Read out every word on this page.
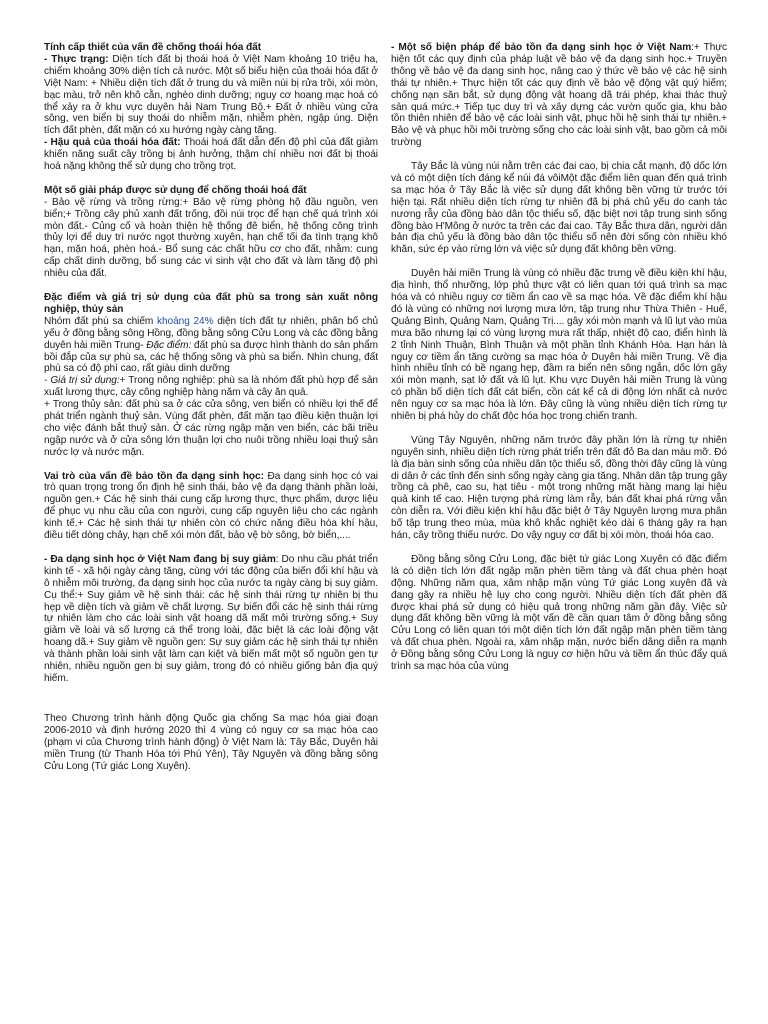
Tính cấp thiết của vấn đề chống thoái hóa đất

- Thực trạng: Diện tích đất bị thoái hoá ở Việt Nam khoảng 10 triệu ha, chiếm khoảng 30% diện tích cả nước. Một số biểu hiện của thoái hóa đất ở Việt Nam: + Nhiều diện tích đất ở trung du và miền núi bị rửa trôi, xói mòn, bạc màu, trở nên khô cằn, nghèo dinh dưỡng; nguy cơ hoang mạc hoá có thể xảy ra ở khu vực duyên hải Nam Trung Bộ.+ Đất ở nhiều vùng cửa sông, ven biển bị suy thoái do nhiễm mặn, nhiễm phèn, ngập úng. Diện tích đất phèn, đất mặn có xu hướng ngày càng tăng.

- Hậu quả của thoái hóa đất: Thoái hoá đất dẫn đến độ phì của đất giảm khiến năng suất cây trồng bị ảnh hưởng, thậm chí nhiều nơi đất bị thoái hoá nặng không thể sử dụng cho trồng trọt.

Một số giải pháp được sử dụng để chống thoái hoá đất

- Bảo vệ rừng và trồng rừng:+ Bảo vệ rừng phòng hộ đầu nguồn, ven biển;+ Trồng cây phủ xanh đất trống, đồi núi trọc để hạn chế quá trình xói mòn đất.- Củng cố và hoàn thiện hệ thống đê biển, hệ thống công trình thủy lợi để duy trì nước ngọt thường xuyên, hạn chế tối đa tình trạng khô hạn, mặn hoá, phèn hoá.- Bổ sung các chất hữu cơ cho đất, nhằm: cung cấp chất dinh dưỡng, bổ sung các vi sinh vật cho đất và làm tăng độ phì nhiêu của đất.

Đặc điểm và giá trị sử dụng của đất phù sa trong sản xuất nông nghiệp, thủy sản

Nhóm đất phù sa chiếm khoảng 24% diện tích đất tự nhiên, phân bố chủ yếu ở đồng bằng sông Hồng, đồng bằng sông Cửu Long và các đồng bằng duyên hải miền Trung- Đặc điểm: đất phù sa được hình thành do sản phẩm bồi đắp của sự phù sa, các hệ thống sông và phù sa biển. Nhìn chung, đất phù sa có độ phì cao, rất giàu dinh dưỡng

- Giá trị sử dụng:+ Trong nông nghiệp: phù sa là nhóm đất phù hợp để sản xuất lương thực, cây công nghiệp hàng năm và cây ăn quả.

+ Trong thủy sản: đất phù sa ở các cửa sông, ven biển có nhiều lợi thế để phát triển ngành thuỷ sản. Vùng đất phèn, đất mặn tạo điều kiện thuận lợi cho việc đánh bắt thuỷ sản. Ở các rừng ngập mặn ven biển, các bãi triều ngập nước và ở cửa sông lớn thuận lợi cho nuôi trồng nhiều loại thuỷ sản nước lợ và nước mặn.

Vai trò của vấn đề bảo tồn đa dạng sinh học: Đa dạng sinh học có vai trò quan trọng trong ổn định hệ sinh thái, bảo vệ đa dạng thành phần loài, nguồn gen.+ Các hệ sinh thái cung cấp lương thực, thực phẩm, dược liệu để phục vụ nhu cầu của con người, cung cấp nguyên liệu cho các ngành kinh tế.+ Các hệ sinh thái tự nhiên còn có chức năng điều hòa khí hậu, điều tiết dòng chảy, hạn chế xói mòn đất, bảo vệ bờ sông, bờ biển,....

- Đa dạng sinh học ở Việt Nam đang bị suy giảm: Do nhu cầu phát triển kinh tế - xã hội ngày càng tăng, cùng với tác động của biến đổi khí hậu và ô nhiễm môi trường, đa dạng sinh học của nước ta ngày càng bị suy giảm. Cụ thể:+ Suy giảm về hệ sinh thái: các hệ sinh thái rừng tự nhiên bị thu hẹp về diện tích và giảm về chất lượng. Sự biến đổi các hệ sinh thái rừng tự nhiên làm cho các loài sinh vật hoang dã mất môi trường sống.+ Suy giảm về loài và số lượng cá thể trong loài, đặc biệt là các loài động vật hoang dã.+ Suy giảm về nguồn gen: Sự suy giảm các hệ sinh thái tự nhiên và thành phần loài sinh vật làm cạn kiệt và biến mất một số nguồn gen tự nhiên, nhiều nguồn gen bị suy giảm, trong đó có nhiều giống bản địa quý hiếm.

Theo Chương trình hành động Quốc gia chống Sa mạc hóa giai đoạn 2006-2010 và định hướng 2020 thì 4 vùng có nguy cơ sa mạc hóa cao (phạm vi của Chương trình hành động) ở Việt Nam là: Tây Bắc, Duyên hải miền Trung (từ Thanh Hóa tới Phú Yên), Tây Nguyên và đồng bằng sông Cửu Long (Tứ giác Long Xuyên).

- Một số biện pháp để bảo tồn đa dạng sinh học ở Việt Nam:+ Thực hiện tốt các quy định của pháp luật về bảo vệ đa dạng sinh học.+ Truyền thông về bảo vệ đa dạng sinh học, nâng cao ý thức về bảo vệ các hệ sinh thái tự nhiên.+ Thực hiện tốt các quy định về bảo vệ động vật quý hiếm; chống nạn săn bắt, sử dụng động vật hoang dã trái phép, khai thác thuỷ sản quá mức.+ Tiếp tục duy trì và xây dựng các vườn quốc gia, khu bảo tồn thiên nhiên để bảo vệ các loài sinh vật, phục hồi hệ sinh thái tự nhiên.+ Bảo vệ và phục hồi môi trường sống cho các loài sinh vật, bao gồm cả môi trường

Tây Bắc là vùng núi nằm trên các đai cao, bị chia cắt mạnh, độ dốc lớn và có một diện tích đáng kể núi đá vôiMột đặc điểm liên quan đến quá trình sa mạc hóa ở Tây Bắc là việc sử dụng đất không bền vững từ trước tới hiện tại. Rất nhiều diện tích rừng tự nhiên đã bị phá chủ yếu do canh tác nương rẫy của đồng bào dân tộc thiểu số, đặc biệt nơi tập trung sinh sống đồng bào H'Mông ở nước ta trên các đai cao. Tây Bắc thưa dân, người dân bản địa chủ yếu là đồng bào dân tộc thiểu số nên đời sống còn nhiều khó khăn, sức ép vào rừng lớn và việc sử dụng đất không bền vững.

Duyên hải miền Trung là vùng có nhiều đặc trưng về điều kiện khí hậu, địa hình, thổ nhưỡng, lớp phủ thực vật có liên quan tới quá trình sa mạc hóa và có nhiều nguy cơ tiềm ẩn cao về sa mạc hóa. Về đặc điểm khí hậu đó là vùng có những nơi lượng mưa lớn, tập trung như Thừa Thiên - Huế, Quảng Bình, Quảng Nam, Quảng Trị.... gây xói mòn mạnh và lũ lụt vào mùa mưa bão nhưng lại có vùng lượng mưa rất thấp, nhiệt độ cao, điển hình là 2 tỉnh Ninh Thuận, Bình Thuận và một phần tỉnh Khánh Hòa. Hạn hán là nguy cơ tiềm ẩn tăng cường sa mạc hóa ở Duyên hải miền Trung. Về địa hình nhiều tỉnh có bề ngang hẹp, đầm ra biển nên sông ngắn, dốc lớn gây xói mòn mạnh, sạt lở đất và lũ lụt. Khu vực Duyên hải miền Trung là vùng có phần bố diện tích đất cát biển, cồn cát kể cả di động lớn nhất cả nước nên nguy cơ sa mạc hóa là lớn. Đây cũng là vùng nhiều diện tích rừng tự nhiên bị phá hủy do chất độc hóa học trong chiến tranh.

Vùng Tây Nguyên, những năm trước đây phần lớn là rừng tự nhiên nguyên sinh, nhiều diện tích rừng phát triển trên đất đỏ Ba dan màu mỡ. Đó là địa bàn sinh sống của nhiều dân tộc thiểu số, đồng thời đây cũng là vùng di dân ở các tỉnh đến sinh sống ngày càng gia tăng. Nhân dân tập trung gây trồng cà phê, cao su, hạt tiêu - một trong những mặt hàng mang lại hiệu quả kinh tế cao. Hiện tượng phá rừng làm rẫy, bán đất khai phá rừng vẫn còn diễn ra. Với điều kiện khí hậu đặc biệt ở Tây Nguyên lượng mưa phân bố tập trung theo mùa, mùa khô khắc nghiệt kéo dài 6 tháng gây ra hạn hán, cây trồng thiếu nước. Do vậy nguy cơ đất bị xói mòn, thoái hóa cao.

Đồng bằng sông Cửu Long, đặc biệt tứ giác Long Xuyên có đặc điểm là có diện tích lớn đất ngập mặn phèn tiềm tàng và đất chua phèn hoạt động. Những năm qua, xâm nhập mặn vùng Tứ giác Long xuyên đã và đang gây ra nhiều hệ lụy cho cong người. Nhiều diện tích đất phèn đã được khai phá sử dụng có hiệu quả trong những năm gần đây. Việc sử dụng đất không bền vững là một vấn đề cần quan tâm ở đồng bằng sông Cửu Long có liên quan tới một diện tích lớn đất ngập mặn phèn tiềm tàng và đất chua phèn. Ngoài ra, xâm nhập mặn, nước biển dâng diễn ra mạnh ở Đồng bằng sông Cửu Long là nguy cơ hiện hữu và tiềm ẩn thúc đẩy quá trình sa mạc hóa của vùng
